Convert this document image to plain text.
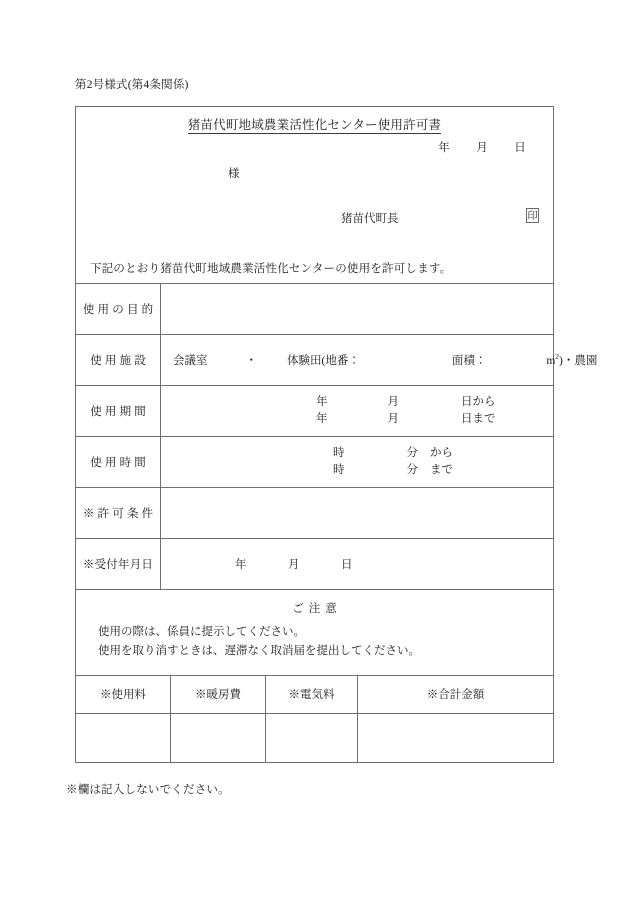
第2号様式(第4条関係)
猪苗代町地域農業活性化センター使用許可書
年 月 日
様
猪苗代町長	印
下記のとおり猪苗代町地域農業活性化センターの使用を許可します。
使用の目的
使用施設	会議室	・	体験田(地番：	面積：	$m^2$)・農園
使用期間
年	月	日から
年	月	日まで
使用時間
時	分 から
時	分 まで
※許可条件
※受付年月日	年	月	日
ご注意
使用の際は、係員に提示してください。
使用を取り消すときは、遅滞なく取消届を提出してください。
※使用料	※暖房費	※電気料	※合計金額
※欄は記入しないでください。
